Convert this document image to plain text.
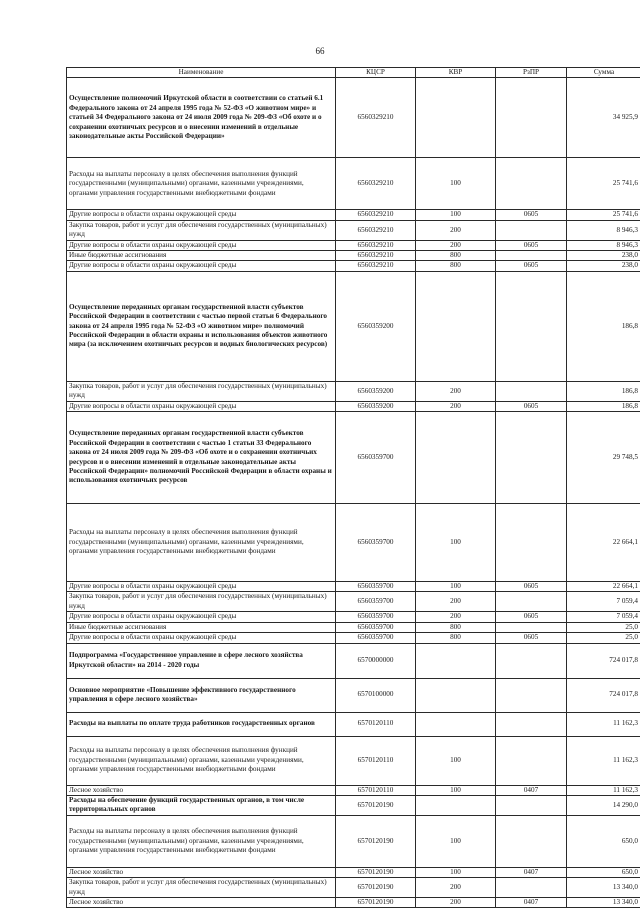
66
Наименование	КЦСР	КВР	РзПР	Сумма
Осуществление полномочий Иркутской области в соответствии со статьей 6.1 Федерального закона от 24 апреля 1995 года № 52-ФЗ «О животном мире» и статьей 34 Федерального закона от 24 июля 2009 года № 209-ФЗ «Об охоте и о сохранении охотничьих ресурсов и о внесении изменений в отдельные законодательные акты Российской Федерации»	6560329210			34 925,9
Расходы на выплаты персоналу в целях обеспечения выполнения функций государственными (муниципальными) органами, казенными учреждениями, органами управления государственными внебюджетными фондами	6560329210	100		25 741,6
Другие вопросы в области охраны окружающей среды	6560329210	100	0605	25 741,6
Закупка товаров, работ и услуг для обеспечения государственных (муниципальных) нужд	6560329210	200		8 946,3
Другие вопросы в области охраны окружающей среды	6560329210	200	0605	8 946,3
Иные бюджетные ассигнования	6560329210	800		238,0
Другие вопросы в области охраны окружающей среды	6560329210	800	0605	238,0
Осуществление переданных органам государственной власти субъектов Российской Федерации в соответствии с частью первой статьи 6 Федерального закона от 24 апреля 1995 года № 52-ФЗ «О животном мире» полномочий Российской Федерации в области охраны и использования объектов животного мира (за исключением охотничьих ресурсов и водных биологических ресурсов)	6560359200			186,8
Закупка товаров, работ и услуг для обеспечения государственных (муниципальных) нужд	6560359200	200		186,8
Другие вопросы в области охраны окружающей среды	6560359200	200	0605	186,8
Осуществление переданных органам государственной власти субъектов Российской Федерации в соответствии с частью 1 статьи 33 Федерального закона от 24 июля 2009 года № 209-ФЗ «Об охоте и о сохранении охотничьих ресурсов и о внесении изменений в отдельные законодательные акты Российской Федерации» полномочий Российской Федерации в области охраны и использования охотничьих ресурсов	6560359700			29 748,5
Расходы на выплаты персоналу в целях обеспечения выполнения функций государственными (муниципальными) органами, казенными учреждениями, органами управления государственными внебюджетными фондами	6560359700	100		22 664,1
Другие вопросы в области охраны окружающей среды	6560359700	100	0605	22 664,1
Закупка товаров, работ и услуг для обеспечения государственных (муниципальных) нужд	6560359700	200		7 059,4
Другие вопросы в области охраны окружающей среды	6560359700	200	0605	7 059,4
Иные бюджетные ассигнования	6560359700	800		25,0
Другие вопросы в области охраны окружающей среды	6560359700	800	0605	25,0
Подпрограмма «Государственное управление в сфере лесного хозяйства Иркутской области» на 2014 - 2020 годы	6570000000			724 017,8
Основное мероприятие «Повышение эффективного государственного управления в сфере лесного хозяйства»	6570100000			724 017,8
Расходы на выплаты по оплате труда работников государственных органов	6570120110			11 162,3
Расходы на выплаты персоналу в целях обеспечения выполнения функций государственными (муниципальными) органами, казенными учреждениями, органами управления государственными внебюджетными фондами	6570120110	100		11 162,3
Лесное хозяйство	6570120110	100	0407	11 162,3
Расходы на обеспечение функций государственных органов, в том числе территориальных органов	6570120190			14 290,0
Расходы на выплаты персоналу в целях обеспечения выполнения функций государственными (муниципальными) органами, казенными учреждениями, органами управления государственными внебюджетными фондами	6570120190	100		650,0
Лесное хозяйство	6570120190	100	0407	650,0
Закупка товаров, работ и услуг для обеспечения государственных (муниципальных) нужд	6570120190	200		13 340,0
Лесное хозяйство	6570120190	200	0407	13 340,0
